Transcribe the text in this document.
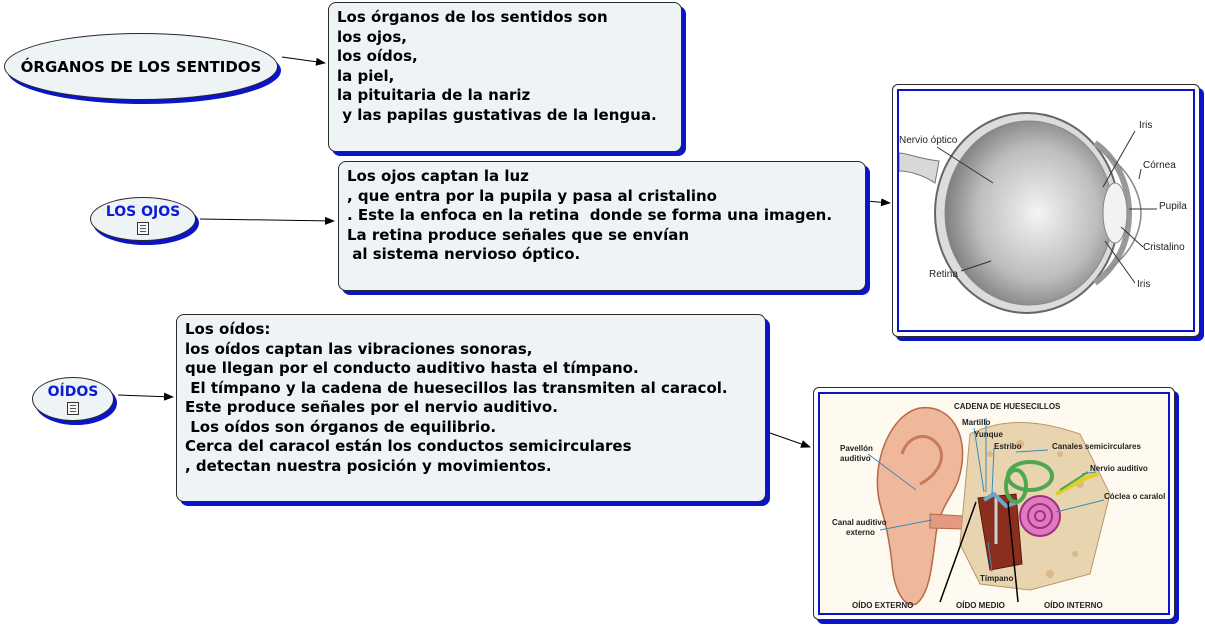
ÓRGANOS DE LOS SENTIDOS
LOS OJOS
OÍDOS
Los órganos de los sentidos son
los ojos,
los oídos,
la piel,
la pituitaria de la nariz
y las papilas gustativas de la lengua.
Los ojos captan la luz
, que entra por la pupila y pasa al cristalino
. Este la enfoca en la retina  donde se forma una imagen.
La retina produce señales que se envían
al sistema nervioso óptico.
Los oídos:
los oídos captan las vibraciones sonoras,
que llegan por el conducto auditivo hasta el tímpano.
El tímpano y la cadena de huesecillos las transmiten al caracol.
Este produce señales por el nervio auditivo.
Los oídos son órganos de equilibrio.
Cerca del caracol están los conductos semicirculares
, detectan nuestra posición y movimientos.
Nervio óptico
Iris
Córnea
Pupila
Cristalino
Iris
Retina
CADENA DE HUESECILLOS
Martillo
Yunque
Estribo	Canales semicirculares
Pavellón
auditivo
Nervio auditivo
Cóclea o caralol
Canal auditivo
externo
Tímpano
OÍDO EXTERNO	OÍDO MEDIO	OÍDO INTERNO
